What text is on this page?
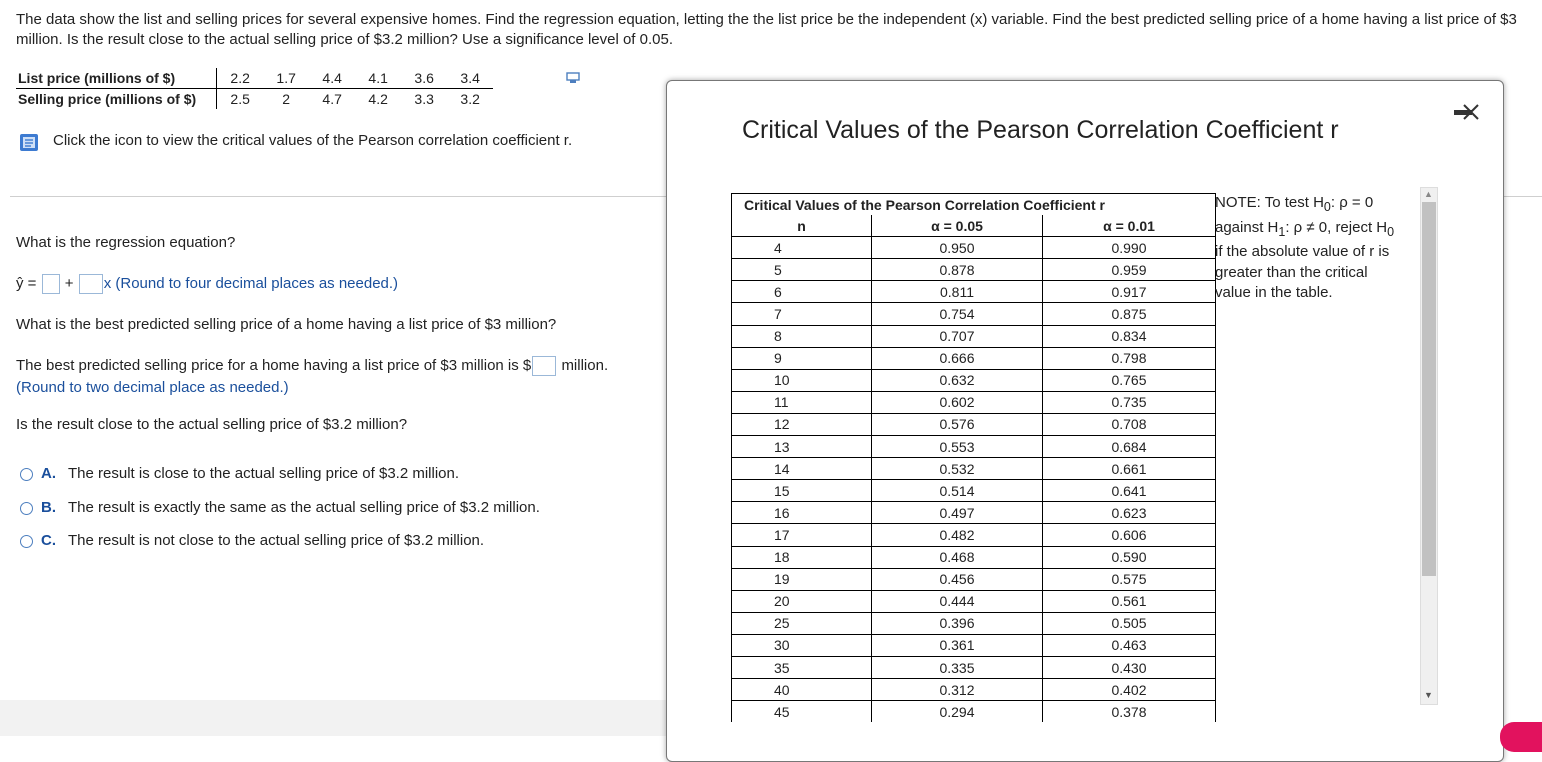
The data show the list and selling prices for several expensive homes. Find the regression equation, letting the the list price be the independent (x) variable. Find the best predicted selling price of a home having a list price of $3 million. Is the result close to the actual selling price of $3.2 million? Use a significance level of 0.05.
List price (millions of $)	2.2	1.7	4.4	4.1	3.6	3.4
Selling price (millions of $)	2.5	2	4.7	4.2	3.3	3.2
Click the icon to view the critical values of the Pearson correlation coefficient r.
What is the regression equation?
ŷ = + x (Round to four decimal places as needed.)
What is the best predicted selling price of a home having a list price of $3 million?
The best predicted selling price for a home having a list price of $3 million is $ million.
(Round to two decimal place as needed.)
Is the result close to the actual selling price of $3.2 million?
A. The result is close to the actual selling price of $3.2 million.
B. The result is exactly the same as the actual selling price of $3.2 million.
C. The result is not close to the actual selling price of $3.2 million.
Critical Values of the Pearson Correlation Coefficient r
Critical Values of the Pearson Correlation Coefficient r		
n	α = 0.05	α = 0.01
4	0.950	0.990
5	0.878	0.959
6	0.811	0.917
7	0.754	0.875
8	0.707	0.834
9	0.666	0.798
10	0.632	0.765
11	0.602	0.735
12	0.576	0.708
13	0.553	0.684
14	0.532	0.661
15	0.514	0.641
16	0.497	0.623
17	0.482	0.606
18	0.468	0.590
19	0.456	0.575
20	0.444	0.561
25	0.396	0.505
30	0.361	0.463
35	0.335	0.430
40	0.312	0.402
45	0.294	0.378
NOTE: To test $H_0$: ρ = 0
against $H_1$: ρ ≠ 0, reject $H_0$
if the absolute value of r is
greater than the critical
value in the table.
▲
▼
